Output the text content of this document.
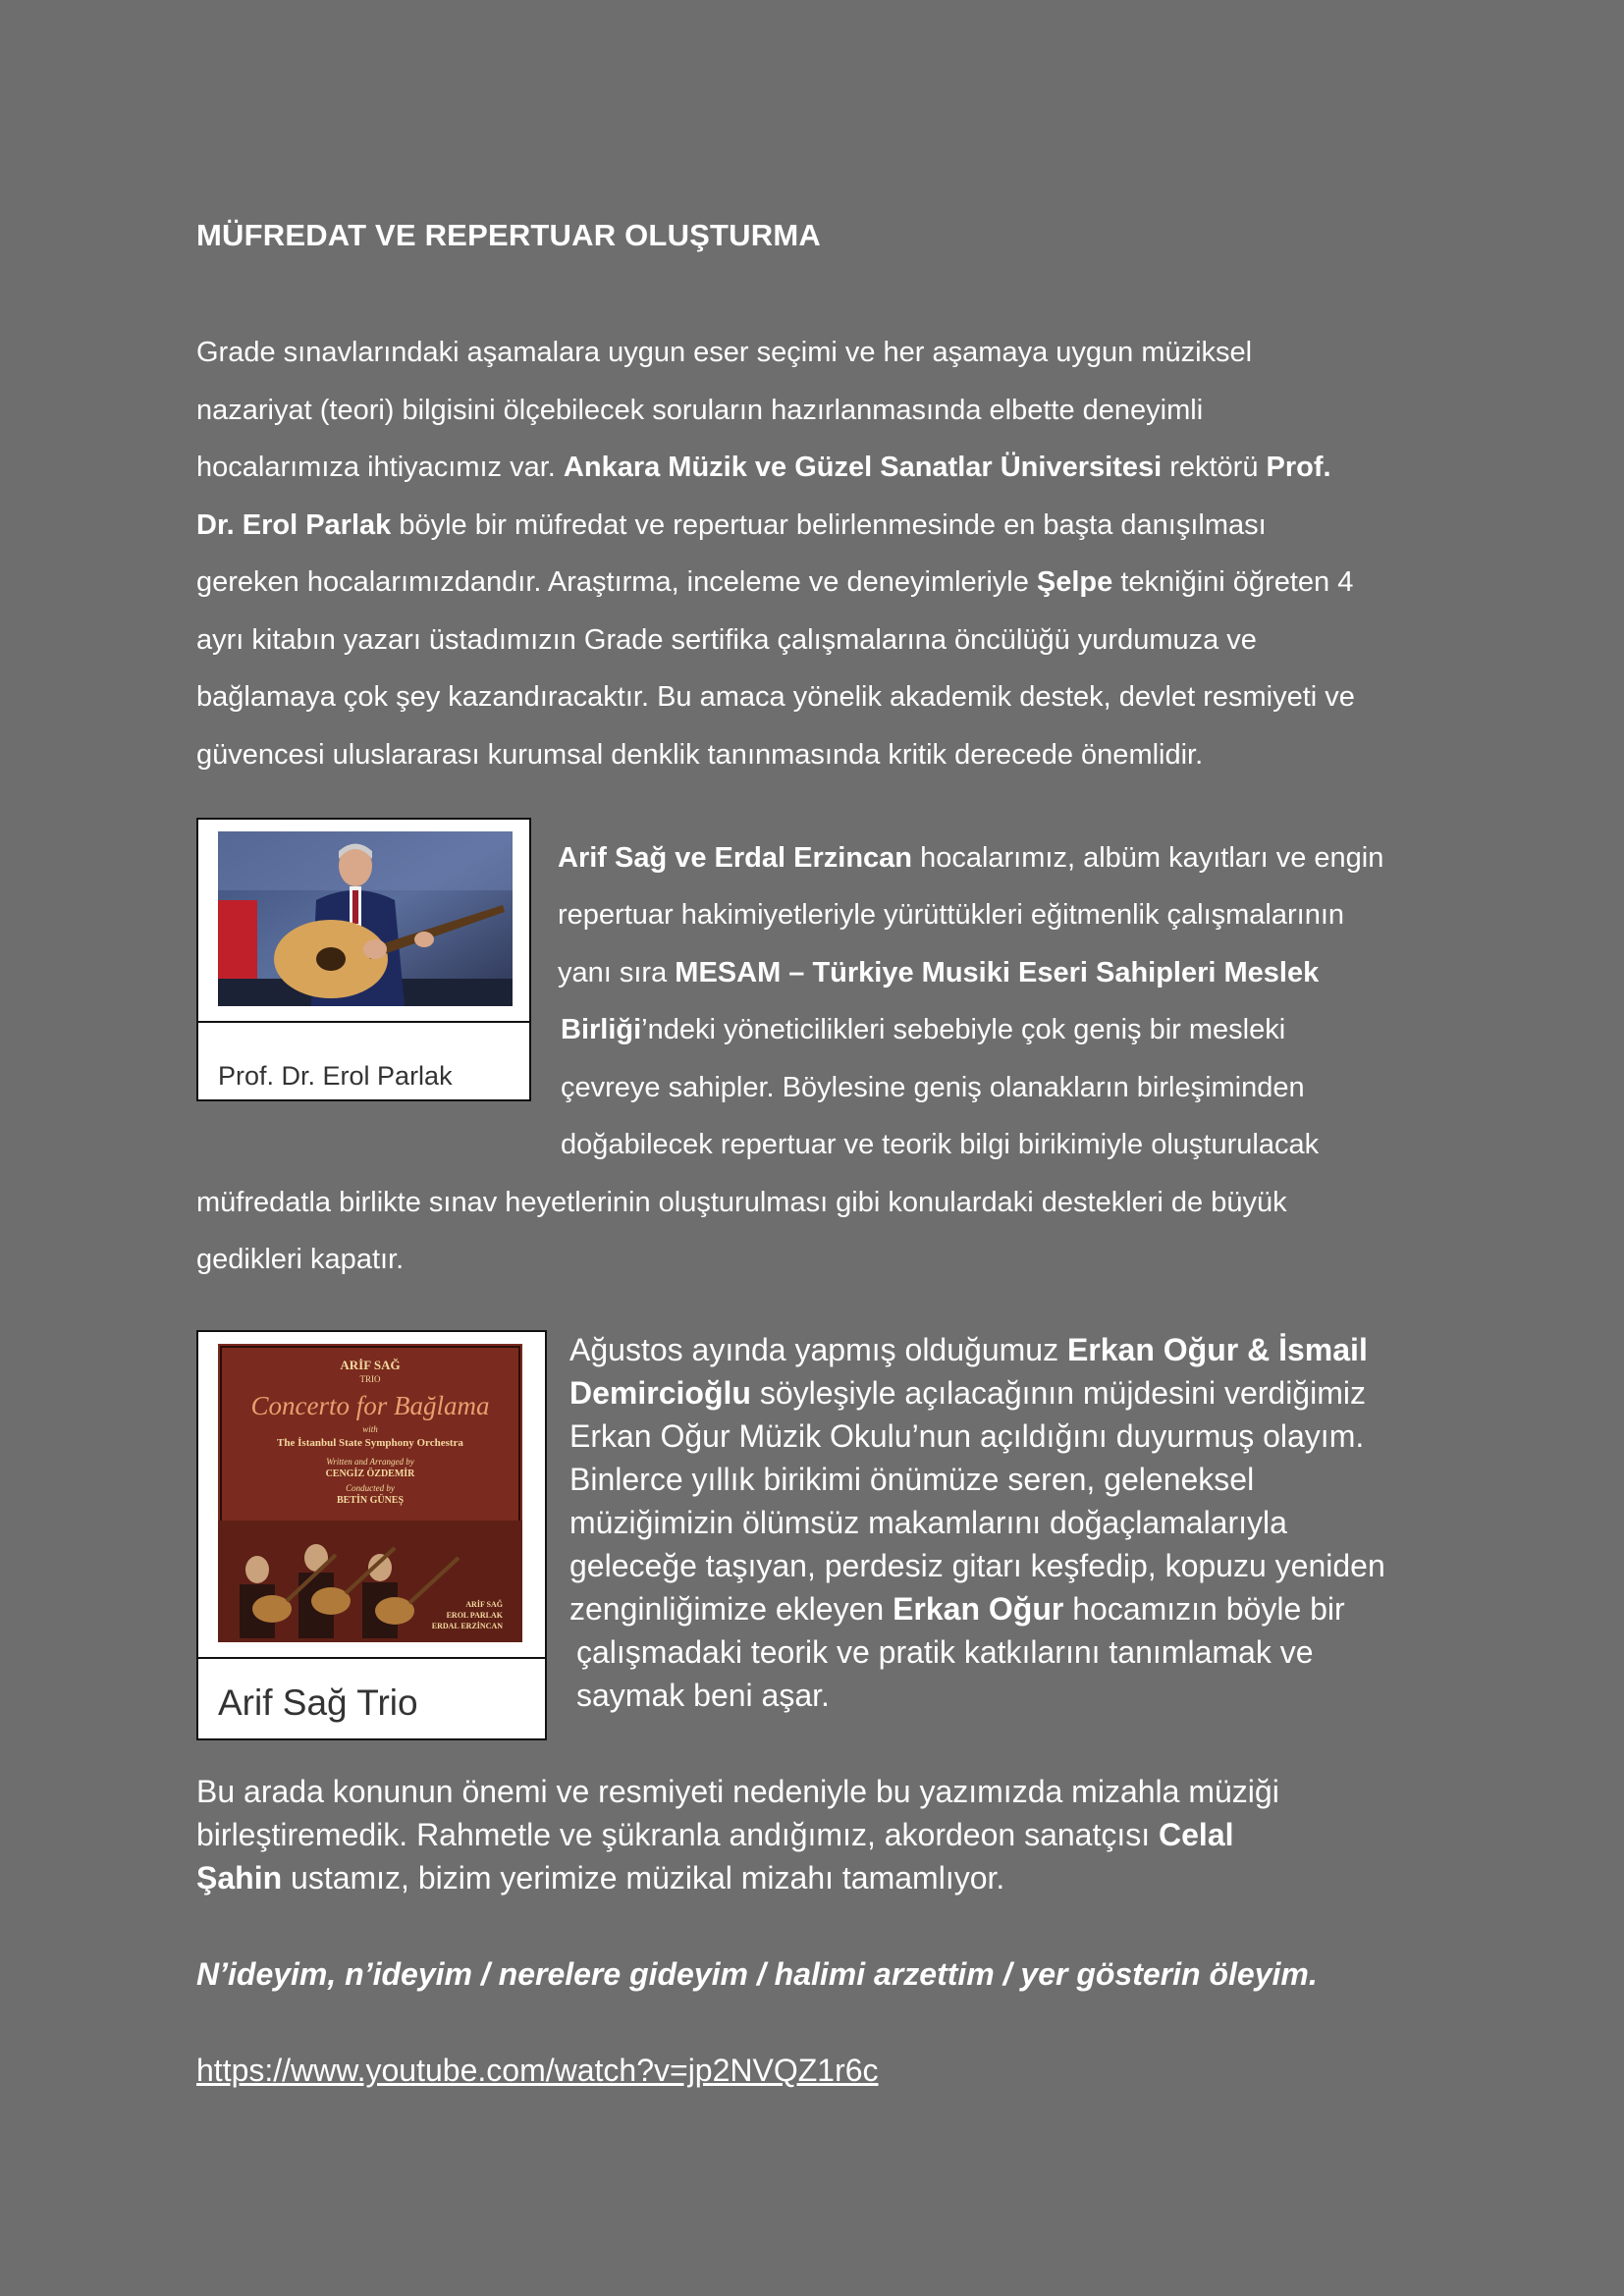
MÜFREDAT VE REPERTUAR OLUŞTURMA
Grade sınavlarındaki aşamalara uygun eser seçimi ve her aşamaya uygun müziksel
nazariyat (teori) bilgisini ölçebilecek soruların hazırlanmasında elbette deneyimli
hocalarımıza ihtiyacımız var. Ankara Müzik ve Güzel Sanatlar Üniversitesi rektörü Prof.
Dr. Erol Parlak böyle bir müfredat ve repertuar belirlenmesinde en başta danışılması
gereken hocalarımızdandır. Araştırma, inceleme ve deneyimleriyle Şelpe tekniğini öğreten 4
ayrı kitabın yazarı üstadımızın Grade sertifika çalışmalarına öncülüğü yurdumuza ve
bağlamaya çok şey kazandıracaktır. Bu amaca yönelik akademik destek, devlet resmiyeti ve
güvencesi uluslararası kurumsal denklik tanınmasında kritik derecede önemlidir.
Prof. Dr. Erol Parlak
Arif Sağ ve Erdal Erzincan hocalarımız, albüm kayıtları ve engin
repertuar hakimiyetleriyle yürüttükleri eğitmenlik çalışmalarının
yanı sıra MESAM – Türkiye Musiki Eseri Sahipleri Meslek
Birliği’ndeki yöneticilikleri sebebiyle çok geniş bir mesleki
çevreye sahipler. Böylesine geniş olanakların birleşiminden
doğabilecek repertuar ve teorik bilgi birikimiyle oluşturulacak
müfredatla birlikte sınav heyetlerinin oluşturulması gibi konulardaki destekleri de büyük
gedikleri kapatır.
ARİF SAĞ
TRIO
Concerto for Bağlama
with
The İstanbul State Symphony Orchestra
Written and Arranged by
CENGİZ ÖZDEMİR
Conducted by
BETİN GÜNEŞ
ARİF SAĞ
EROL PARLAK
ERDAL ERZİNCAN
Arif Sağ Trio
Ağustos ayında yapmış olduğumuz Erkan Oğur & İsmail
Demircioğlu söyleşiyle açılacağının müjdesini verdiğimiz
Erkan Oğur Müzik Okulu’nun açıldığını duyurmuş olayım.
Binlerce yıllık birikimi önümüze seren, geleneksel
müziğimizin ölümsüz makamlarını doğaçlamalarıyla
geleceğe taşıyan, perdesiz gitarı keşfedip, kopuzu yeniden
zenginliğimize ekleyen Erkan Oğur hocamızın böyle bir
çalışmadaki teorik ve pratik katkılarını tanımlamak ve
saymak beni aşar.
Bu arada konunun önemi ve resmiyeti nedeniyle bu yazımızda mizahla müziği
birleştiremedik. Rahmetle ve şükranla andığımız, akordeon sanatçısı Celal
Şahin ustamız, bizim yerimize müzikal mizahı tamamlıyor.
N’ideyim, n’ideyim / nerelere gideyim / halimi arzettim / yer gösterin öleyim.
https://www.youtube.com/watch?v=jp2NVQZ1r6c
